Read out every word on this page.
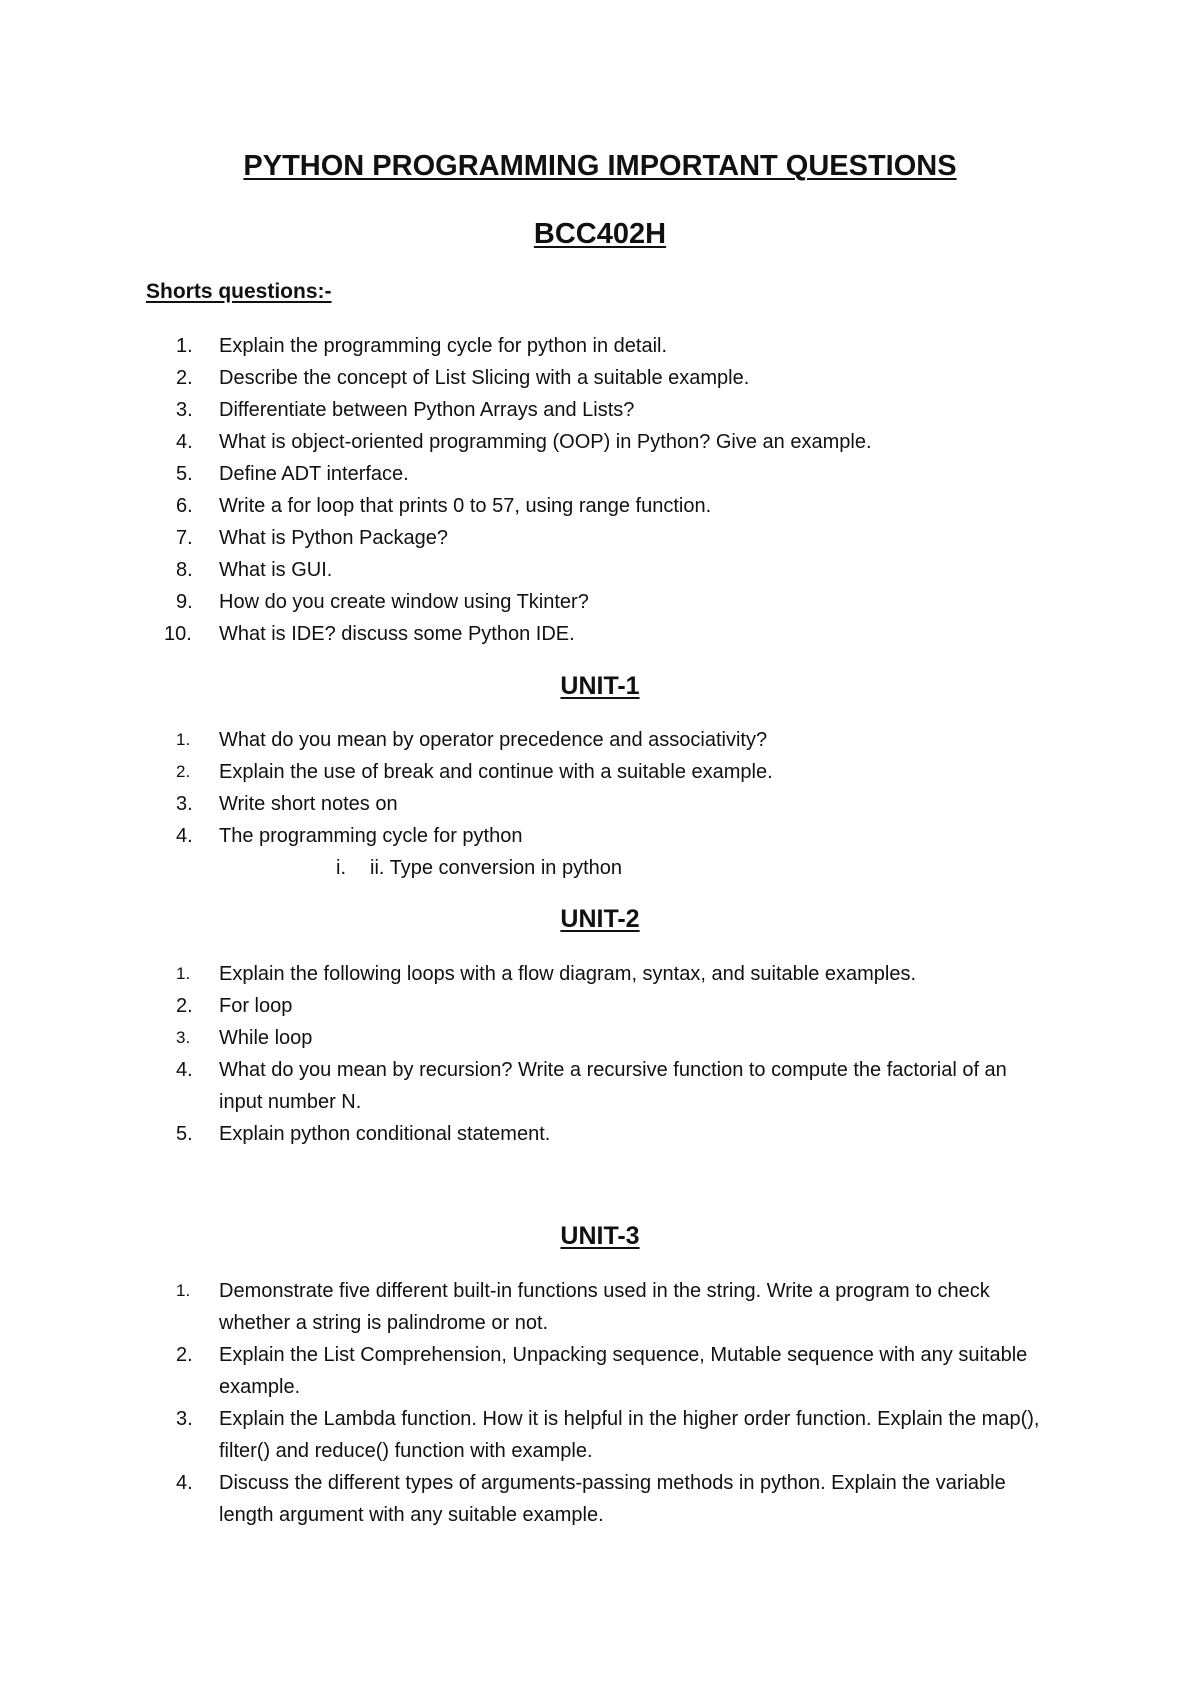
PYTHON PROGRAMMING IMPORTANT QUESTIONS
BCC402H
Shorts questions:-
1.	Explain the programming cycle for python in detail.
2.	Describe the concept of List Slicing with a suitable example.
3.	Differentiate between Python Arrays and Lists?
4.	What is object-oriented programming (OOP) in Python? Give an example.
5.	Define ADT interface.
6.	Write a for loop that prints 0 to 57, using range function.
7.	What is Python Package?
8.	What is GUI.
9.	How do you create window using Tkinter?
10.	What is IDE? discuss some Python IDE.
UNIT-1
1.	What do you mean by operator precedence and associativity?
2.	Explain the use of break and continue with a suitable example.
3.	Write short notes on
4.	The programming cycle for python
i. ii. Type conversion in python
UNIT-2
1.	Explain the following loops with a flow diagram, syntax, and suitable examples.
2.	For loop
3.	While loop
4.	What do you mean by recursion? Write a recursive function to compute the factorial of an input number N.
5.	Explain python conditional statement.
UNIT-3
1.	Demonstrate five different built-in functions used in the string. Write a program to check whether a string is palindrome or not.
2.	Explain the List Comprehension, Unpacking sequence, Mutable sequence with any suitable example.
3.	Explain the Lambda function. How it is helpful in the higher order function. Explain the map(), filter() and reduce() function with example.
4.	Discuss the different types of arguments-passing methods in python. Explain the variable length argument with any suitable example.
